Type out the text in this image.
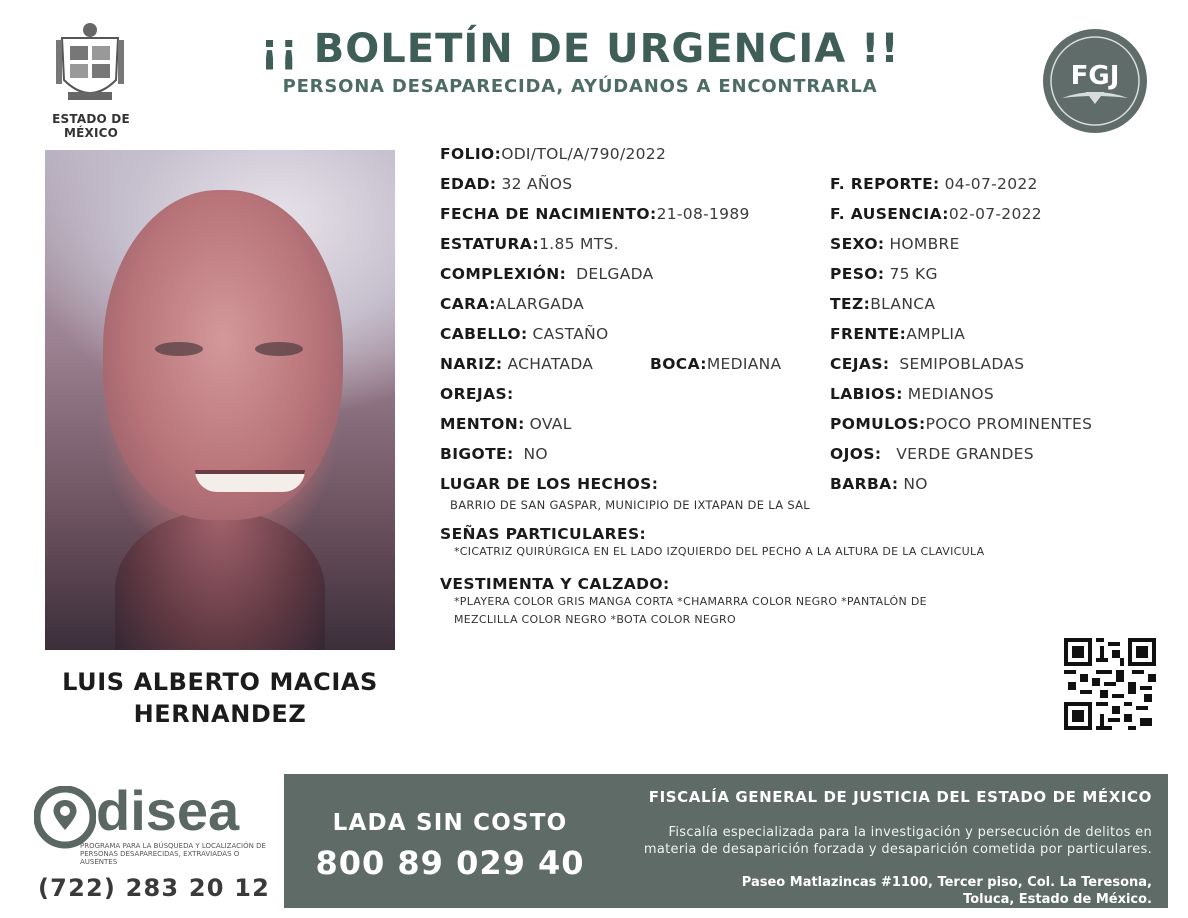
ESTADO DE MÉXICO
¡¡ BOLETÍN DE URGENCIA !!
PERSONA DESAPARECIDA, AYÚDANOS A ENCONTRARLA	FGJ
LUIS ALBERTO MACIAS
HERNANDEZ
FOLIO:ODI/TOL/A/790/2022
EDAD: 32 AÑOS	F. REPORTE: 04-07-2022
FECHA DE NACIMIENTO:21-08-1989	F. AUSENCIA:02-07-2022
ESTATURA:1.85 MTS.	SEXO: HOMBRE
COMPLEXIÓN: DELGADA	PESO: 75 KG
CARA:ALARGADA	TEZ:BLANCA
CABELLO: CASTAÑO	FRENTE:AMPLIA
NARIZ: ACHATADA	BOCA:MEDIANA	CEJAS: SEMIPOBLADAS
OREJAS:	LABIOS: MEDIANOS
MENTON: OVAL	POMULOS:POCO PROMINENTES
BIGOTE: NO	OJOS: VERDE GRANDES
LUGAR DE LOS HECHOS:	BARBA: NO
BARRIO DE SAN GASPAR, MUNICIPIO DE IXTAPAN DE LA SAL
SEÑAS PARTICULARES:
*CICATRIZ QUIRÚRGICA EN EL LADO IZQUIERDO DEL PECHO A LA ALTURA DE LA CLAVICULA
VESTIMENTA Y CALZADO:
*PLAYERA COLOR GRIS MANGA CORTA *CHAMARRA COLOR NEGRO *PANTALÓN DE
MEZCLILLA COLOR NEGRO *BOTA COLOR NEGRO
disea
PROGRAMA PARA LA BÚSQUEDA Y LOCALIZACIÓN DE PERSONAS DESAPARECIDAS, EXTRAVIADAS O AUSENTES
(722) 283 20 12
LADA SIN COSTO
800 89 029 40
FISCALÍA GENERAL DE JUSTICIA DEL ESTADO DE MÉXICO
Fiscalía especializada para la investigación y persecución de delitos en
materia de desaparición forzada y desaparición cometida por particulares.
Paseo Matlazincas #1100, Tercer piso, Col. La Teresona,
Toluca, Estado de México.
